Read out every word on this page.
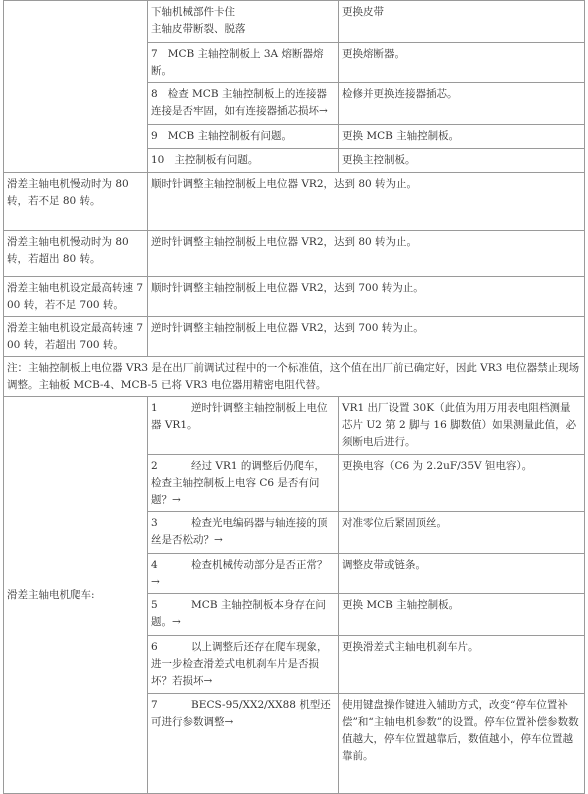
	下轴机械部件卡住
主轴皮带断裂、脱落	更换皮带
	7   MCB 主轴控制板上 3A 熔断器熔断。	更换熔断器。
	8   检查 MCB 主轴控制板上的连接器连接是否牢固，如有连接器插芯损坏→	检修并更换连接器插芯。
	9   MCB 主轴控制板有问题。	更换 MCB 主轴控制板。
	10   主控制板有问题。	更换主控制板。
滑差主轴电机慢动时为 80 转，若不足 80 转。	顺时针调整主轴控制板上电位器 VR2，达到 80 转为止。	
滑差主轴电机慢动时为 80 转，若超出 80 转。	逆时针调整主轴控制板上电位器 VR2，达到 80 转为止。	
滑差主轴电机设定最高转速 700 转，若不足 700 转。	顺时针调整主轴控制板上电位器 VR2，达到 700 转为止。	
滑差主轴电机设定最高转速 700 转，若超出 700 转。	逆时针调整主轴控制板上电位器 VR2，达到 700 转为止。	
注：主轴控制板上电位器 VR3 是在出厂前调试过程中的一个标准值，这个值在出厂前已确定好，因此 VR3 电位器禁止现场调整。主轴板 MCB-4、MCB-5 已将 VR3 电位器用精密电阻代替。		
滑差主轴电机爬车:	1          逆时针调整主轴控制板上电位器 VR1。	VR1 出厂设置 30K（此值为用万用表电阻档测量芯片 U2 第 2 脚与 16 脚数值）如果测量此值，必须断电后进行。
	2          经过 VR1 的调整后仍爬车，检查主轴控制板上电容 C6 是否有问题？→	更换电容（C6 为 2.2uF/35V 钽电容）。
	3          检查光电编码器与轴连接的顶丝是否松动？→	对准零位后紧固顶丝。
	4          检查机械传动部分是否正常？→	调整皮带或链条。
	5          MCB 主轴控制板本身存在问题。→	更换 MCB 主轴控制板。
	6          以上调整后还存在爬车现象，进一步检查滑差式电机刹车片是否损坏？若损坏→	更换滑差式主轴电机刹车片。
	7          BECS-95/XX2/XX88 机型还可进行参数调整→	使用键盘操作键进入辅助方式，改变“停车位置补偿”和“主轴电机参数”的设置。停车位置补偿参数数值越大，停车位置越靠后，数值越小，停车位置越靠前。
